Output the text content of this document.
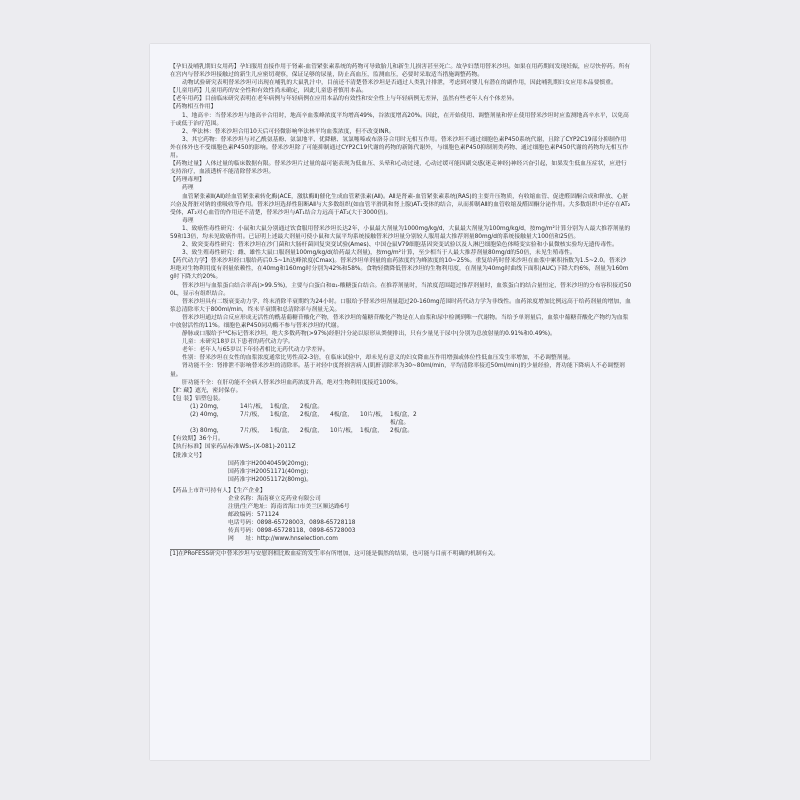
【孕妇及哺乳期妇女用药】孕妇服用直接作用于肾素-血管紧张素系统的药物可导致胎儿和新生儿损害甚至死亡。故孕妇禁用替米沙坦。如果在用药期间发现妊娠，应尽快停药。所有在宫内与替米沙坦接触过的新生儿应密切观察，保证足够的尿量，防止高血压，监测血压，必要时采取适当措施调整药物。

动物试验研究表明替米沙坦可出现在哺乳的大鼠乳汁中，目前还不清楚替米沙坦是否通过人类乳汁排泄，考虑到对婴儿有潜在的副作用，因此哺乳期妇女应用本品要慎重。

【儿童用药】儿童用药的安全性和有效性尚未确定，因此儿童患者慎用本品。

【老年用药】目前临床研究表明在老年病例与年轻病例在应用本品的有效性和安全性上与年轻病例无差异，虽然有些老年人有个体差异。

【药物相互作用】

1、地高辛：当替米沙坦与地高辛合用时，地高辛血浆峰浓度平均增高49%，谷浓度增高20%。因此，在开始使用、调整剂量和停止使用替米沙坦时应监测地高辛水平，以免高于或低于治疗范围。

2、华法林：替米沙坦合用10天后可轻微影响华法林平均血浆浓度，但不改变INR。

3、其它药物：替米沙坦与对乙酰氨基酚、氨氯地平、优降糖、氢氯噻嗪或布洛芬合用时无相互作用。替米沙坦不通过细胞色素P450系统代谢，且除了CYP2C19部分抑制作用外在体外也不受细胞色素P450的影响。替米沙坦除了可能抑制通过CYP2C19代谢的药物的新陈代谢外，与细胞色素P450抑制剂类药物、通过细胞色素P450代谢的药物均无相互作用。

【药物过量】人体过量的临床数据有限。替米沙坦片过量的最可能表现为低血压、头晕和心动过速，心动过缓可能因副交感(迷走神经)神经兴奋引起，如果发生低血压症状，应进行支持治疗，血液透析不能清除替米沙坦。

【药理毒理】

药理

血管紧张素Ⅱ(AⅡ)经血管紧张素转化酶(ACE，激肽酶Ⅱ)催化生成血管紧张素(AⅡ)。AⅡ是肾素-血管紧张素系统(RAS)的主要升压物质，有收缩血管、促进醛固酮合成和释放、心脏兴奋及肾脏对钠的重吸收等作用。替米沙坦选择性阻断AⅡ与大多数组织(如血管平滑肌和肾上腺)AT₁受体的结合，从而抑制AⅡ的血管收缩及醛固酮分泌作用。大多数组织中还存在AT₂受体，AT₂对心血管的作用还不清楚，替米沙坦与AT₁结合力远高于AT₂(大于3000倍)。

毒理

1、致癌性毒性研究：小鼠和大鼠分别通过饮食服用替米沙坦长达2年，小鼠最大剂量为1000mg/kg/d，大鼠最大剂量为100mg/kg/d，按mg/m²计算分别为人最大推荐剂量的59和13倍，均未见致癌作用。已证明上述最大剂量可使小鼠和大鼠平均系统接触替米沙坦量分别较人服用最大推荐剂量80mg/d的系统接触量大100倍和25倍。

2、致突变毒性研究：替米沙坦在沙门菌和大肠杆菌回复突变试验(Ames)、中国仓鼠V79细胞基因突变试验以及人淋巴细胞染色体畸变实验和小鼠微核实验均无遗传毒性。

3、致生殖毒性研究：雌、雄性大鼠口服剂量100mg/kg/d(给药最大剂量)，按mg/m²计算，至少相当于人最大推荐剂量80mg/d的50倍，未见生殖毒性。

【药代动力学】替米沙坦经口服给药后0.5~1h达峰浓度(Cmax)。替米沙坦单剂量的血药浓度约为峰浓度的10~25%。重复给药时替米沙坦在血浆中累积指数为1.5~2.0。替米沙坦绝对生物利用度有剂量依赖性，在40mg和160mg时分别为42%和58%。食物轻微降低替米沙坦的生物利用度，在剂量为40mg时曲线下面积(AUC)下降大约6%，剂量为160mg时下降大约20%。

替米沙坦与血浆蛋白结合率高(>99.5%)，主要与白蛋白和α₁-酸糖蛋白结合。在推荐剂量时，当浓度范围超过推荐剂量时，血浆蛋白的结合量恒定，替米沙坦的分布容积接近500L，显示有组织结合。

替米沙坦具有二级衰变动力学，终末消除半衰期约为24小时。口服给予替米沙坦剂量超过20-160mg范围时药代动力学为非线性。血药浓度增加比例远高于给药剂量的增加，血浆总清除率大于800ml/min，终末半衰期和总清除率与剂量无关。

替米沙坦通过结合反应形成无活性的酰基葡糖苷酸化产物，替米沙坦的葡糖苷酸化产物是在人血浆和尿中检测到唯一代谢物。当给予单剂量后，血浆中葡糖苷酸化产物约为血浆中放射活性的11%。细胞色素P450同功酶不参与替米沙坦的代谢。

静脉或口服给予¹⁴C标记替米沙坦，绝大多数药物(>97%)经胆汁分泌以原形从粪便排出，只有少量见于尿中(分别为总放射量的0.91%和0.49%)。

儿童：未研究18岁以下患者的药代动力学。

老年：老年人与65岁以下年轻者相比无药代动力学差异。

性别：替米沙坦在女性的血浆浓度通常比男性高2-3倍，在临床试验中，却未见有意义的妇女降血压作用增强或体位性低血压发生率增加，不必调整剂量。

肾功能不全：肾排泄不影响替米沙坦的清除率。基于对轻中度肾损害病人(肌酐清除率为30~80ml/min，平均清除率接近50ml/min)的少量经验，肾功能下降病人不必调整剂量。

肝功能不全：在肝功能不全病人替米沙坦血药浓度升高，绝对生物利用度接近100%。

【贮 藏】遮光，密封保存。

【包 装】铝塑包装。

(1) 20mg，	14片/板， 1板/盒，	2板/盒。
(2) 40mg，	7片/板，	1板/盒，	2板/盒，	4板/盒，	10片/板， 1板/盒，2板/盒。
(3) 80mg，	7片/板，	1板/盒，	2板/盒，	10片/板， 1板/盒，	2板/盒。

【有效期】36个月。

【执行标准】国家药品标准WS₁-(X-081)-2011Z

【批准文号】

国药准字H20040459(20mg)；

国药准字H20051171(40mg)；

国药准字H20051172(80mg)。

【药品上市许可持有人】【生产企业】

企业名称：海南赛立克药业有限公司

注册/生产地址：海南省海口市美兰区顺达路6号

邮政编码：571124

电话号码：0898-65728003、0898-65728118

传真号码：0898-65728118、0898-65728003

网　　址：http://www.hnselection.com

[1]在PRoFESS研究中替米沙坦与安慰剂相比败血症的发生率有所增加，这可能是偶然的结果，也可能与目前不明确的机制有关。
